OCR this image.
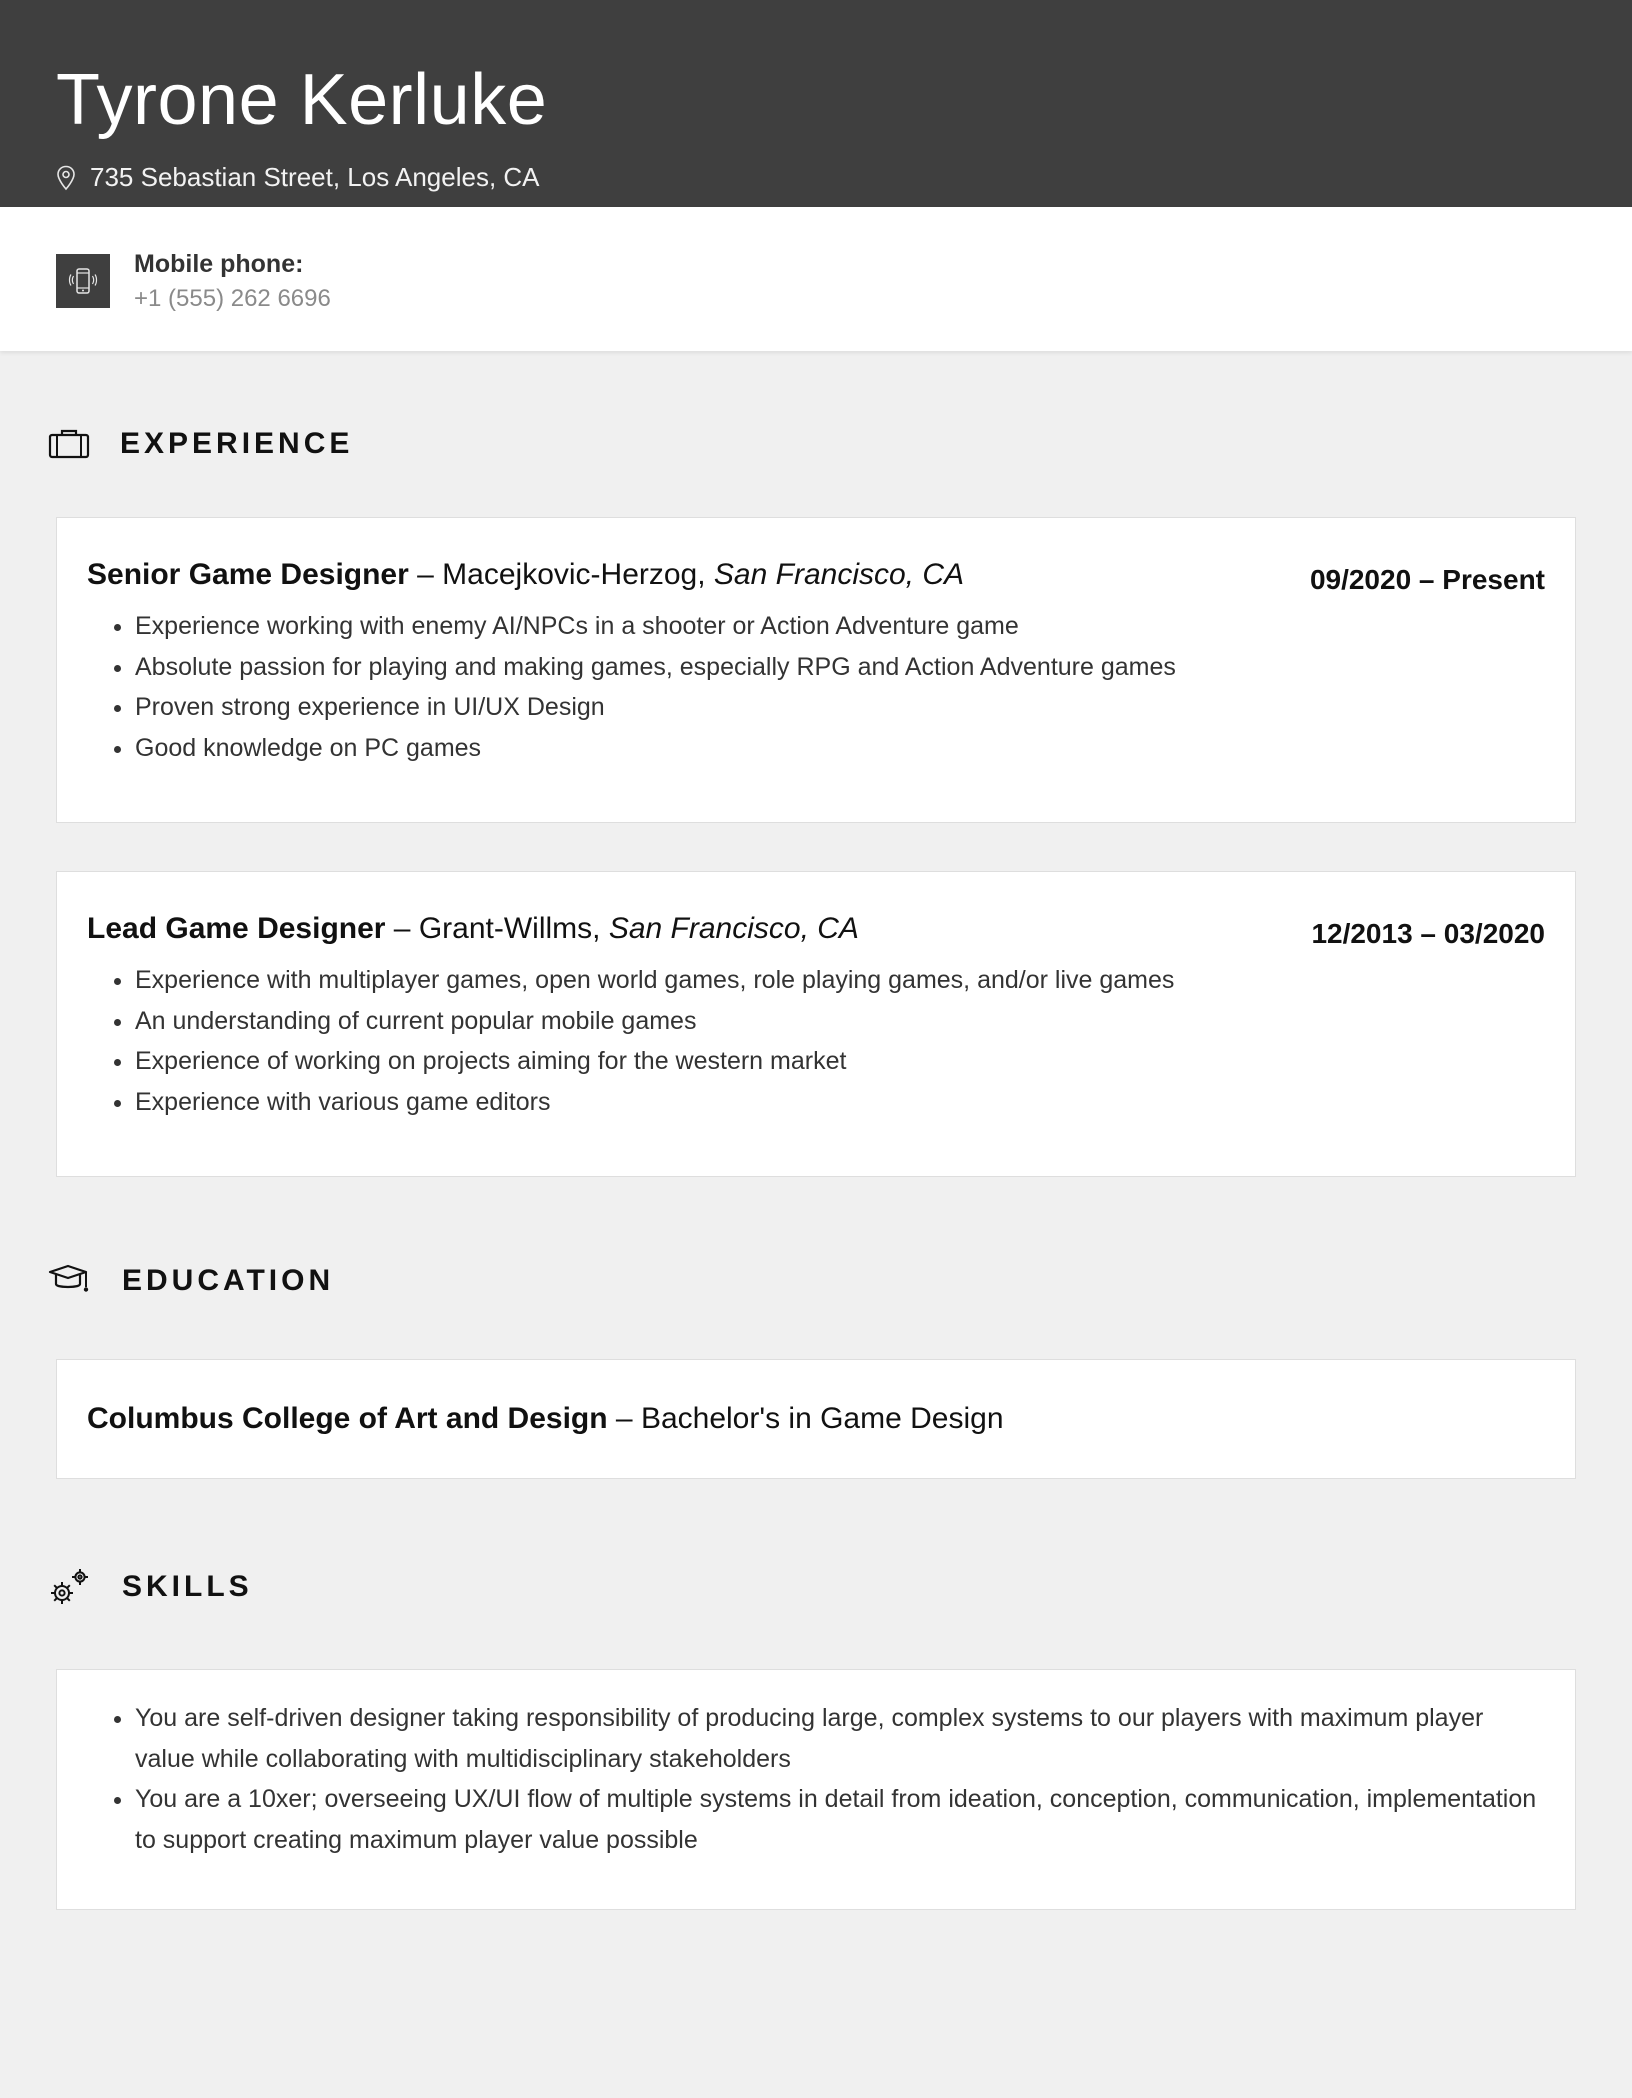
Tyrone Kerluke
735 Sebastian Street, Los Angeles, CA
Mobile phone:
+1 (555) 262 6696
EXPERIENCE
Senior Game Designer – Macejkovic-Herzog, San Francisco, CA	09/2020 – Present
• Experience working with enemy AI/NPCs in a shooter or Action Adventure game
• Absolute passion for playing and making games, especially RPG and Action Adventure games
• Proven strong experience in UI/UX Design
• Good knowledge on PC games
Lead Game Designer – Grant-Willms, San Francisco, CA	12/2013 – 03/2020
• Experience with multiplayer games, open world games, role playing games, and/or live games
• An understanding of current popular mobile games
• Experience of working on projects aiming for the western market
• Experience with various game editors
EDUCATION
Columbus College of Art and Design – Bachelor's in Game Design
SKILLS
• You are self-driven designer taking responsibility of producing large, complex systems to our players with maximum player value while collaborating with multidisciplinary stakeholders
• You are a 10xer; overseeing UX/UI flow of multiple systems in detail from ideation, conception, communication, implementation to support creating maximum player value possible
